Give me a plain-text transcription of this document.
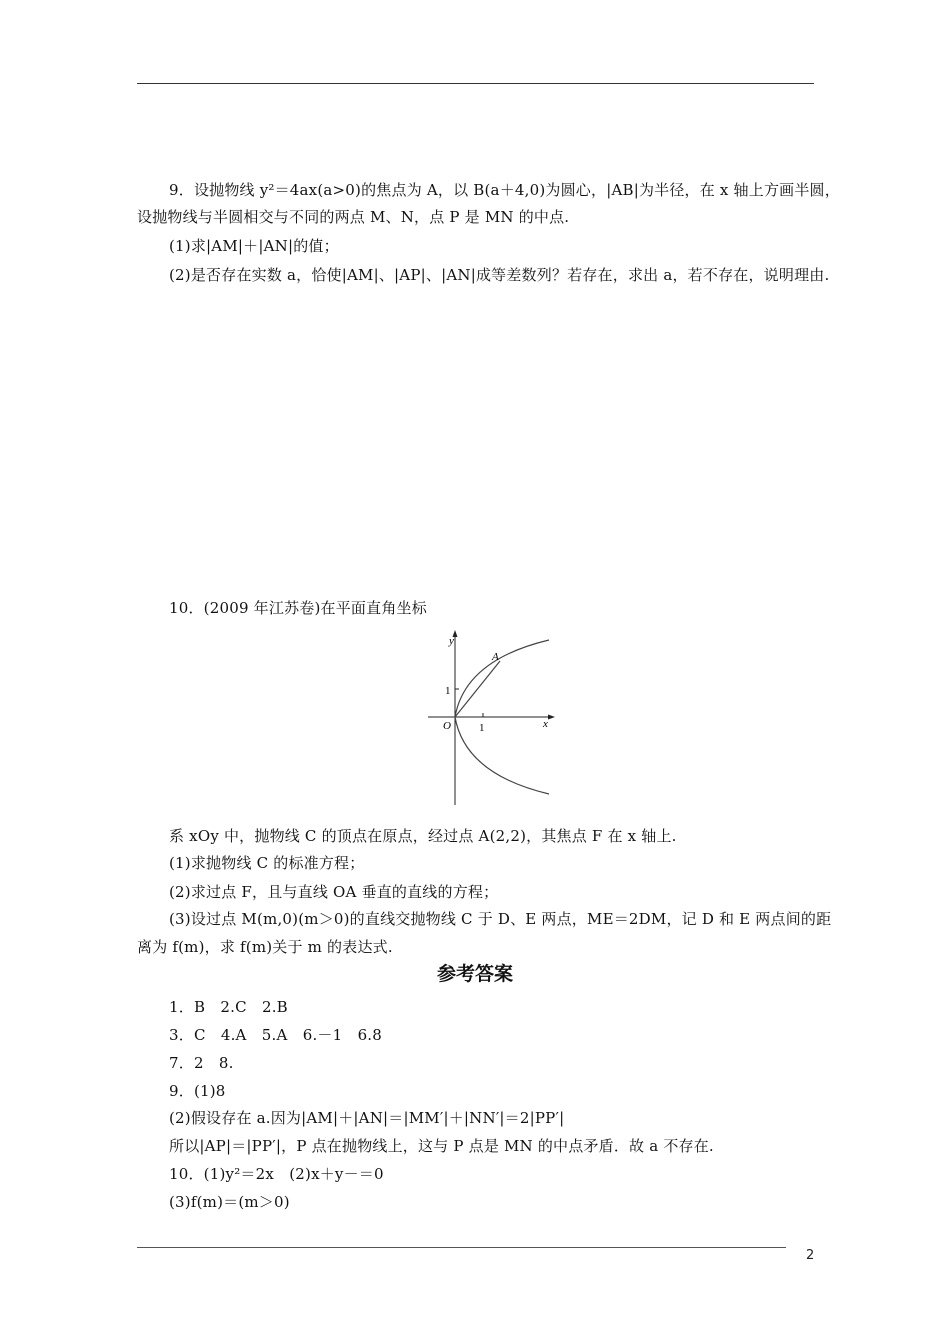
9．设抛物线 y²＝4ax(a>0)的焦点为 A，以 B(a＋4,0)为圆心，|AB|为半径，在 x 轴上方画半圆，
设抛物线与半圆相交与不同的两点 M、N，点 P 是 MN 的中点.
(1)求|AM|＋|AN|的值；
(2)是否存在实数 a，恰使|AM|、|AP|、|AN|成等差数列？若存在，求出 a，若不存在，说明理由.
10．(2009 年江苏卷)在平面直角坐标
y
x
O
A
1
1
系 xOy 中，抛物线 C 的顶点在原点，经过点 A(2,2)，其焦点 F 在 x 轴上.
(1)求抛物线 C 的标准方程；
(2)求过点 F，且与直线 OA 垂直的直线的方程；
(3)设过点 M(m,0)(m＞0)的直线交抛物线 C 于 D、E 两点，ME＝2DM，记 D 和 E 两点间的距
离为 f(m)，求 f(m)关于 m 的表达式.
参考答案
1．B　2.C　2.B
3．C　4.A　5.A　6.－1　6.8
7．2　8.
9．(1)8
(2)假设存在 a.因为|AM|＋|AN|＝|MM′|＋|NN′|＝2|PP′|
所以|AP|＝|PP′|，P 点在抛物线上，这与 P 点是 MN 的中点矛盾．故 a 不存在.
10．(1)y²＝2x　(2)x＋y－＝0
(3)f(m)＝(m＞0)
2
